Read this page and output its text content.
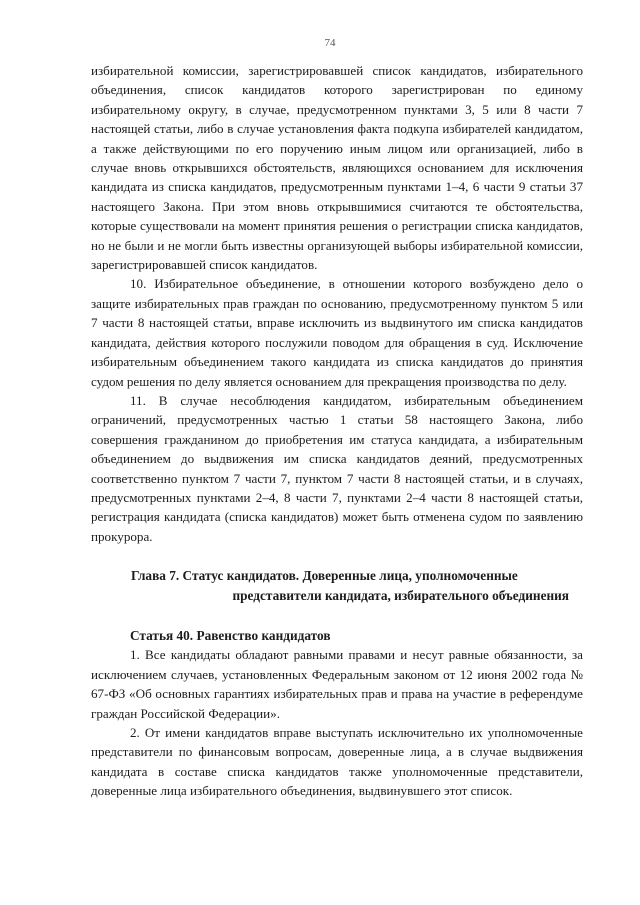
74

избирательной комиссии, зарегистрировавшей список кандидатов, избирательного объединения, список кандидатов которого зарегистрирован по единому избирательному округу, в случае, предусмотренном пунктами 3, 5 или 8 части 7 настоящей статьи, либо в случае установления факта подкупа избирателей кандидатом, а также действующими по его поручению иным лицом или организацией, либо в случае вновь открывшихся обстоятельств, являющихся основанием для исключения кандидата из списка кандидатов, предусмотренным пунктами 1–4, 6 части 9 статьи 37 настоящего Закона. При этом вновь открывшимися считаются те обстоятельства, которые существовали на момент принятия решения о регистрации списка кандидатов, но не были и не могли быть известны организующей выборы избирательной комиссии, зарегистрировавшей список кандидатов.

10. Избирательное объединение, в отношении которого возбуждено дело о защите избирательных прав граждан по основанию, предусмотренному пунктом 5 или 7 части 8 настоящей статьи, вправе исключить из выдвинутого им списка кандидатов кандидата, действия которого послужили поводом для обращения в суд. Исключение избирательным объединением такого кандидата из списка кандидатов до принятия судом решения по делу является основанием для прекращения производства по делу.

11. В случае несоблюдения кандидатом, избирательным объединением ограничений, предусмотренных частью 1 статьи 58 настоящего Закона, либо совершения гражданином до приобретения им статуса кандидата, а избирательным объединением до выдвижения им списка кандидатов деяний, предусмотренных соответственно пунктом 7 части 7, пунктом 7 части 8 настоящей статьи, и в случаях, предусмотренных пунктами 2–4, 8 части 7, пунктами 2–4 части 8 настоящей статьи, регистрация кандидата (списка кандидатов) может быть отменена судом по заявлению прокурора.

Глава 7. Статус кандидатов. Доверенные лица, уполномоченные
представители кандидата, избирательного объединения
Статья 40. Равенство кандидатов

1. Все кандидаты обладают равными правами и несут равные обязанности, за исключением случаев, установленных Федеральным законом от 12 июня 2002 года № 67-ФЗ «Об основных гарантиях избирательных прав и права на участие в референдуме граждан Российской Федерации».

2. От имени кандидатов вправе выступать исключительно их уполномоченные представители по финансовым вопросам, доверенные лица, а в случае выдвижения кандидата в составе списка кандидатов также уполномоченные представители, доверенные лица избирательного объединения, выдвинувшего этот список.
